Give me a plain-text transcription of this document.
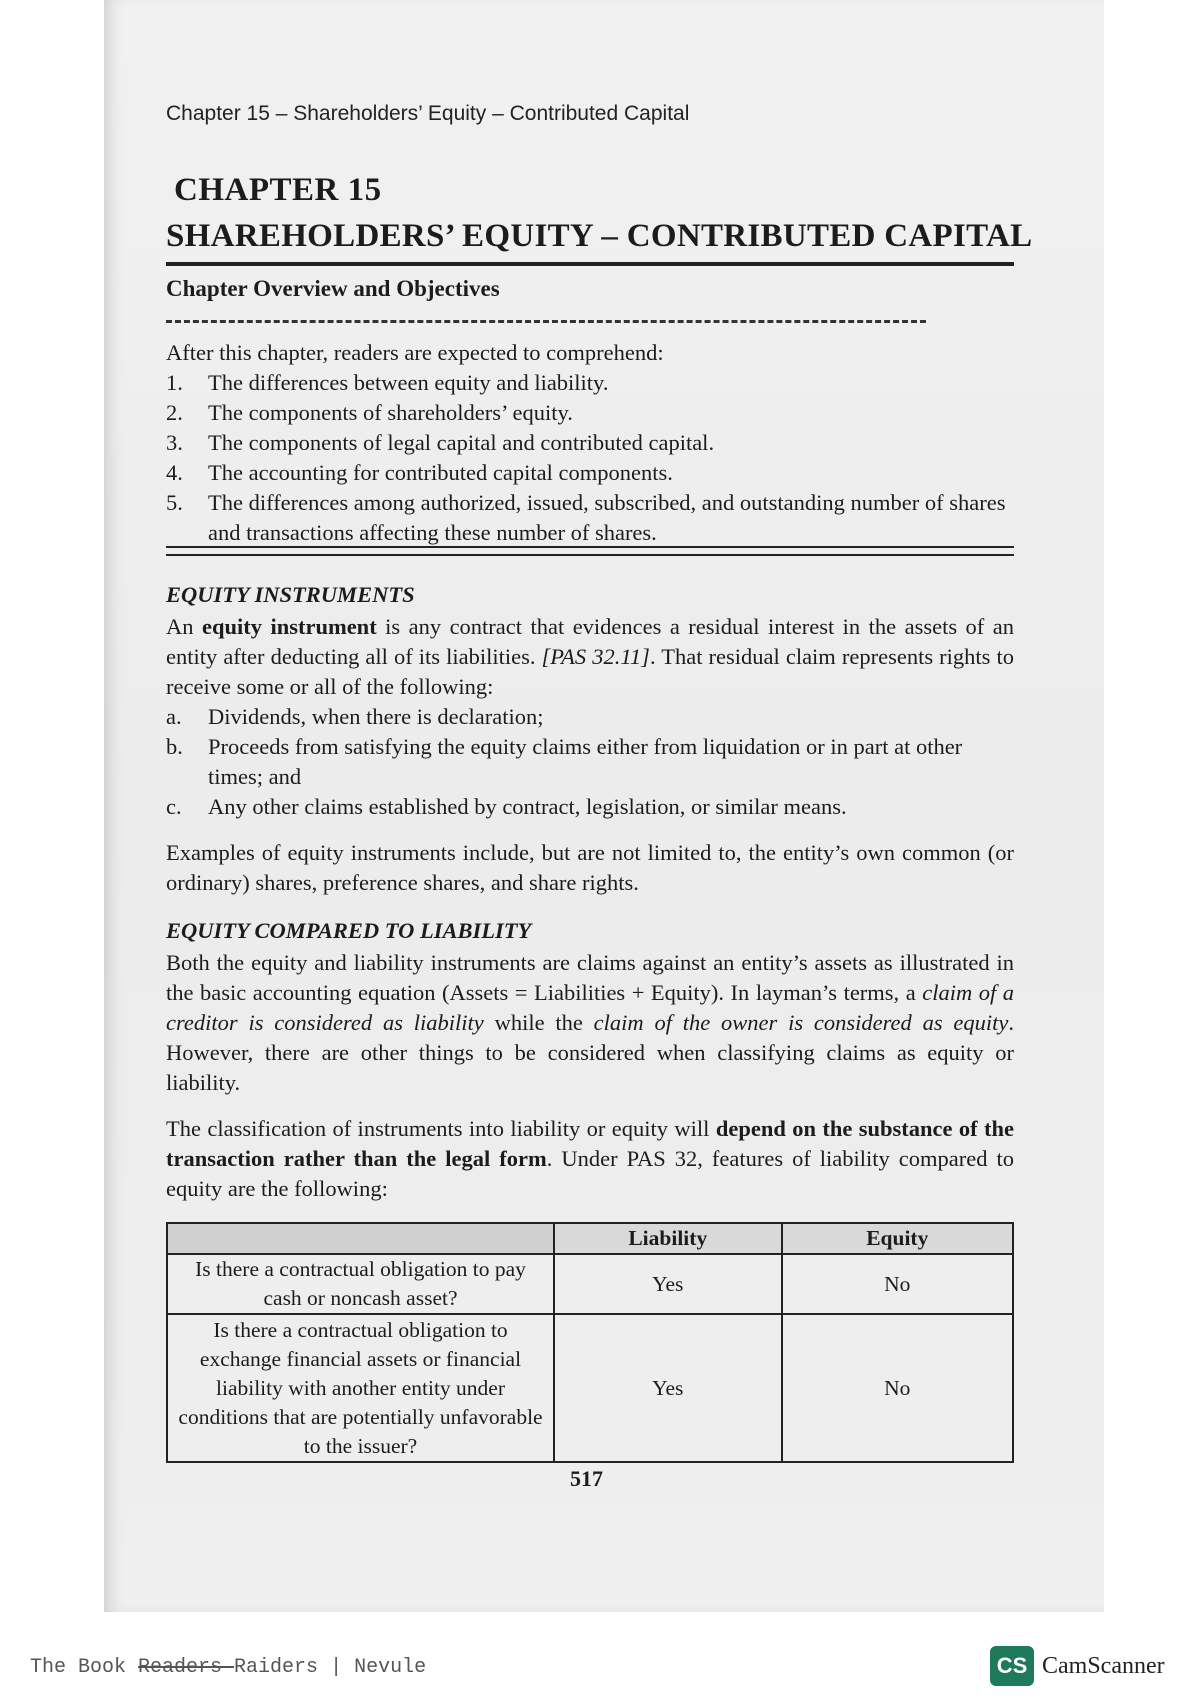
Chapter 15 – Shareholders’ Equity – Contributed Capital
CHAPTER 15
SHAREHOLDERS’ EQUITY – CONTRIBUTED CAPITAL
Chapter Overview and Objectives
After this chapter, readers are expected to comprehend:
1. The differences between equity and liability.
2. The components of shareholders’ equity.
3. The components of legal capital and contributed capital.
4. The accounting for contributed capital components.
5. The differences among authorized, issued, subscribed, and outstanding number of shares and transactions affecting these number of shares.
EQUITY INSTRUMENTS
An equity instrument is any contract that evidences a residual interest in the assets of an entity after deducting all of its liabilities. [PAS 32.11]. That residual claim represents rights to receive some or all of the following:
a. Dividends, when there is declaration;
b. Proceeds from satisfying the equity claims either from liquidation or in part at other times; and
c. Any other claims established by contract, legislation, or similar means.
Examples of equity instruments include, but are not limited to, the entity’s own common (or ordinary) shares, preference shares, and share rights.
EQUITY COMPARED TO LIABILITY
Both the equity and liability instruments are claims against an entity’s assets as illustrated in the basic accounting equation (Assets = Liabilities + Equity). In layman’s terms, a claim of a creditor is considered as liability while the claim of the owner is considered as equity. However, there are other things to be considered when classifying claims as equity or liability.
The classification of instruments into liability or equity will depend on the substance of the transaction rather than the legal form. Under PAS 32, features of liability compared to equity are the following:
	Liability	Equity
Is there a contractual obligation to pay cash or noncash asset?	Yes	No
Is there a contractual obligation to exchange financial assets or financial liability with another entity under conditions that are potentially unfavorable to the issuer?	Yes	No
517
The Book Readers Raiders | Nevule	CS CamScanner
